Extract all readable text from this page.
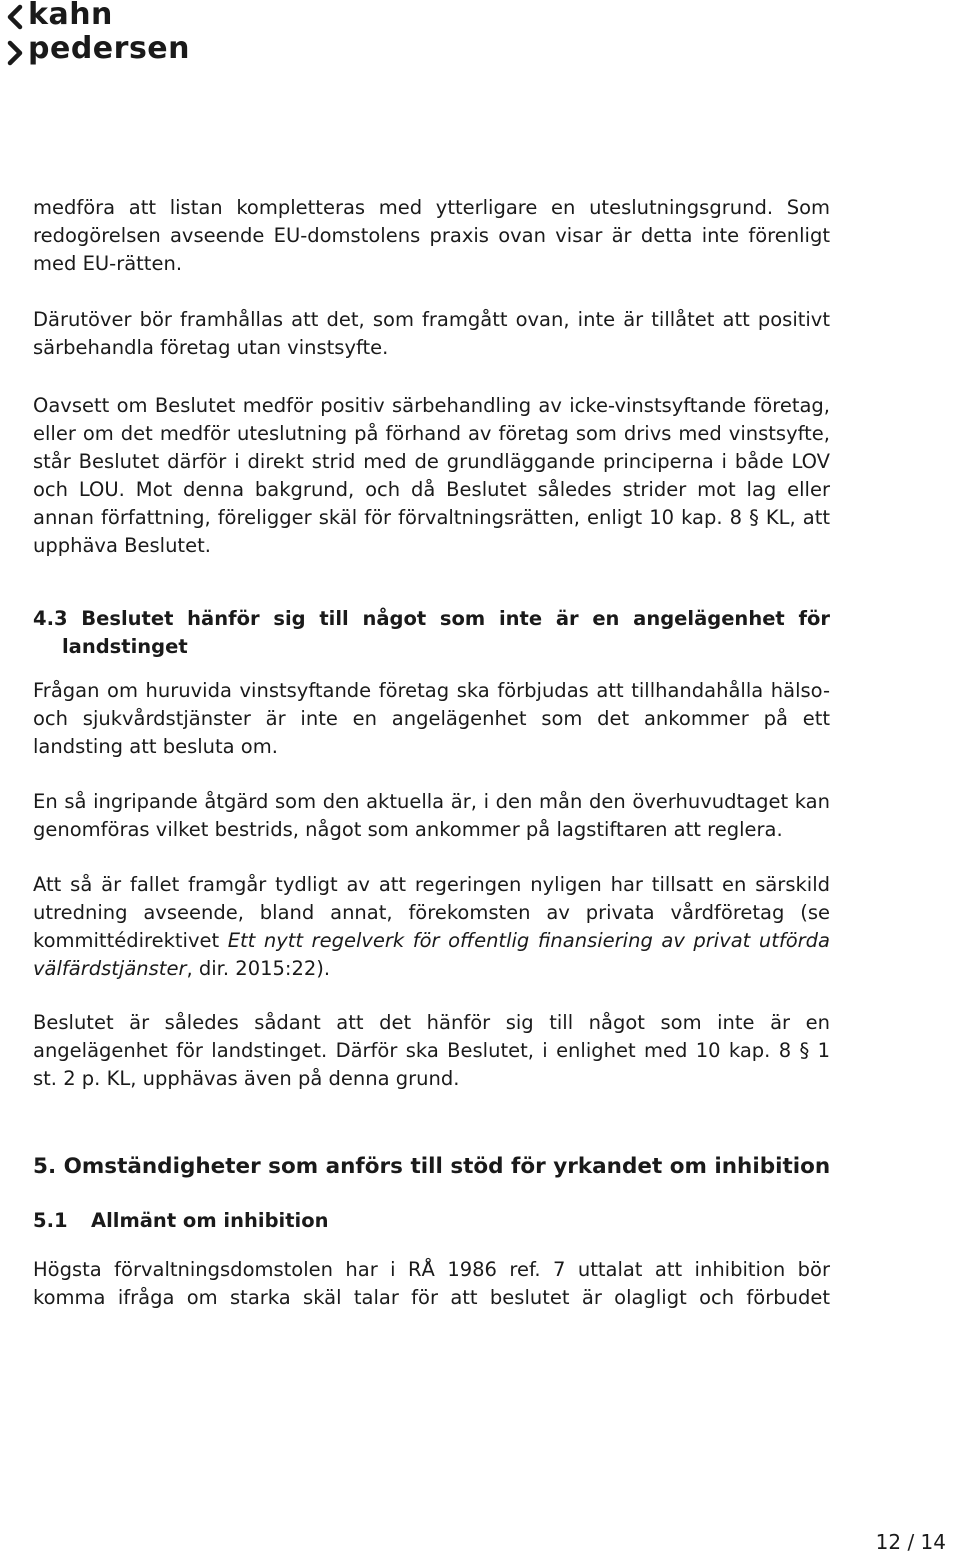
kahn
pedersen

medföra att listan kompletteras med ytterligare en uteslutningsgrund. Som redogörelsen avseende EU-domstolens praxis ovan visar är detta inte förenligt med EU-rätten.

Därutöver bör framhållas att det, som framgått ovan, inte är tillåtet att positivt särbehandla företag utan vinstsyfte.

Oavsett om Beslutet medför positiv särbehandling av icke-vinstsyftande företag, eller om det medför uteslutning på förhand av företag som drivs med vinstsyfte, står Beslutet därför i direkt strid med de grundläggande principerna i både LOV och LOU. Mot denna bakgrund, och då Beslutet således strider mot lag eller annan författning, föreligger skäl för förvaltningsrätten, enligt 10 kap. 8 § KL, att upphäva Beslutet.

4.3 Beslutet hänför sig till något som inte är en angelägenhet för
landstinget

Frågan om huruvida vinstsyftande företag ska förbjudas att tillhandahålla hälso-och sjukvårdstjänster är inte en angelägenhet som det ankommer på ett landsting att besluta om.

En så ingripande åtgärd som den aktuella är, i den mån den överhuvudtaget kan genomföras vilket bestrids, något som ankommer på lagstiftaren att reglera.

Att så är fallet framgår tydligt av att regeringen nyligen har tillsatt en särskild utredning avseende, bland annat, förekomsten av privata vårdföretag (se kommittédirektivet Ett nytt regelverk för offentlig finansiering av privat utförda välfärdstjänster, dir. 2015:22).

Beslutet är således sådant att det hänför sig till något som inte är en angelägenhet för landstinget. Därför ska Beslutet, i enlighet med 10 kap. 8 § 1 st. 2 p. KL, upphävas även på denna grund.

5. Omständigheter som anförs till stöd för yrkandet om inhibition
5.1 Allmänt om inhibition

Högsta förvaltningsdomstolen har i RÅ 1986 ref. 7 uttalat att inhibition bör komma ifråga om starka skäl talar för att beslutet är olagligt och förbudet

12 / 14
